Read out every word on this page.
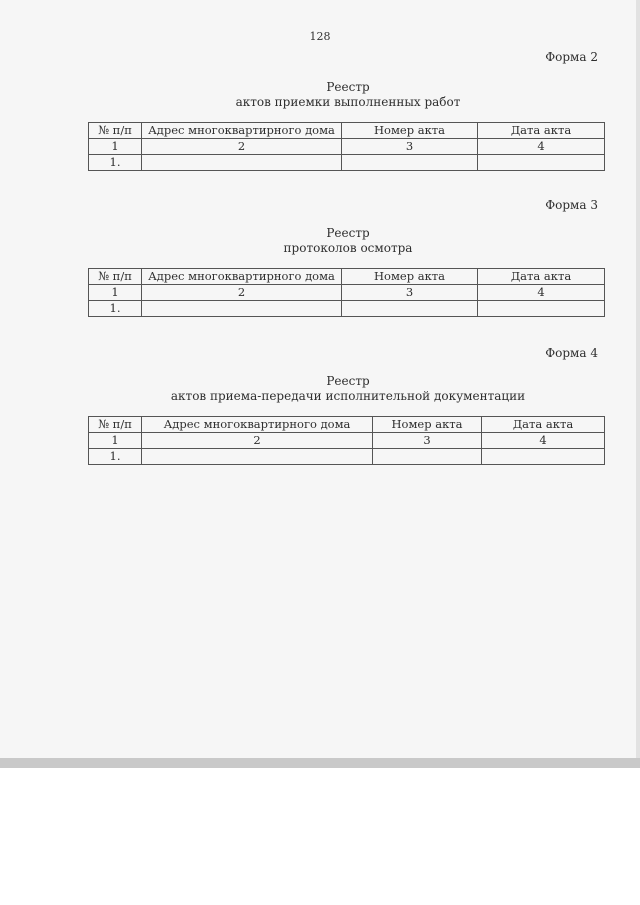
128
Форма 2
Реестр
актов приемки выполненных работ
№ п/п	Адрес многоквартирного дома	Номер акта	Дата акта
1	2	3	4
1.			
Форма 3
Реестр
протоколов осмотра
№ п/п	Адрес многоквартирного дома	Номер акта	Дата акта
1	2	3	4
1.			
Форма 4
Реестр
актов приема-передачи исполнительной документации
№ п/п	Адрес многоквартирного дома	Номер акта	Дата акта
1	2	3	4
1.			
